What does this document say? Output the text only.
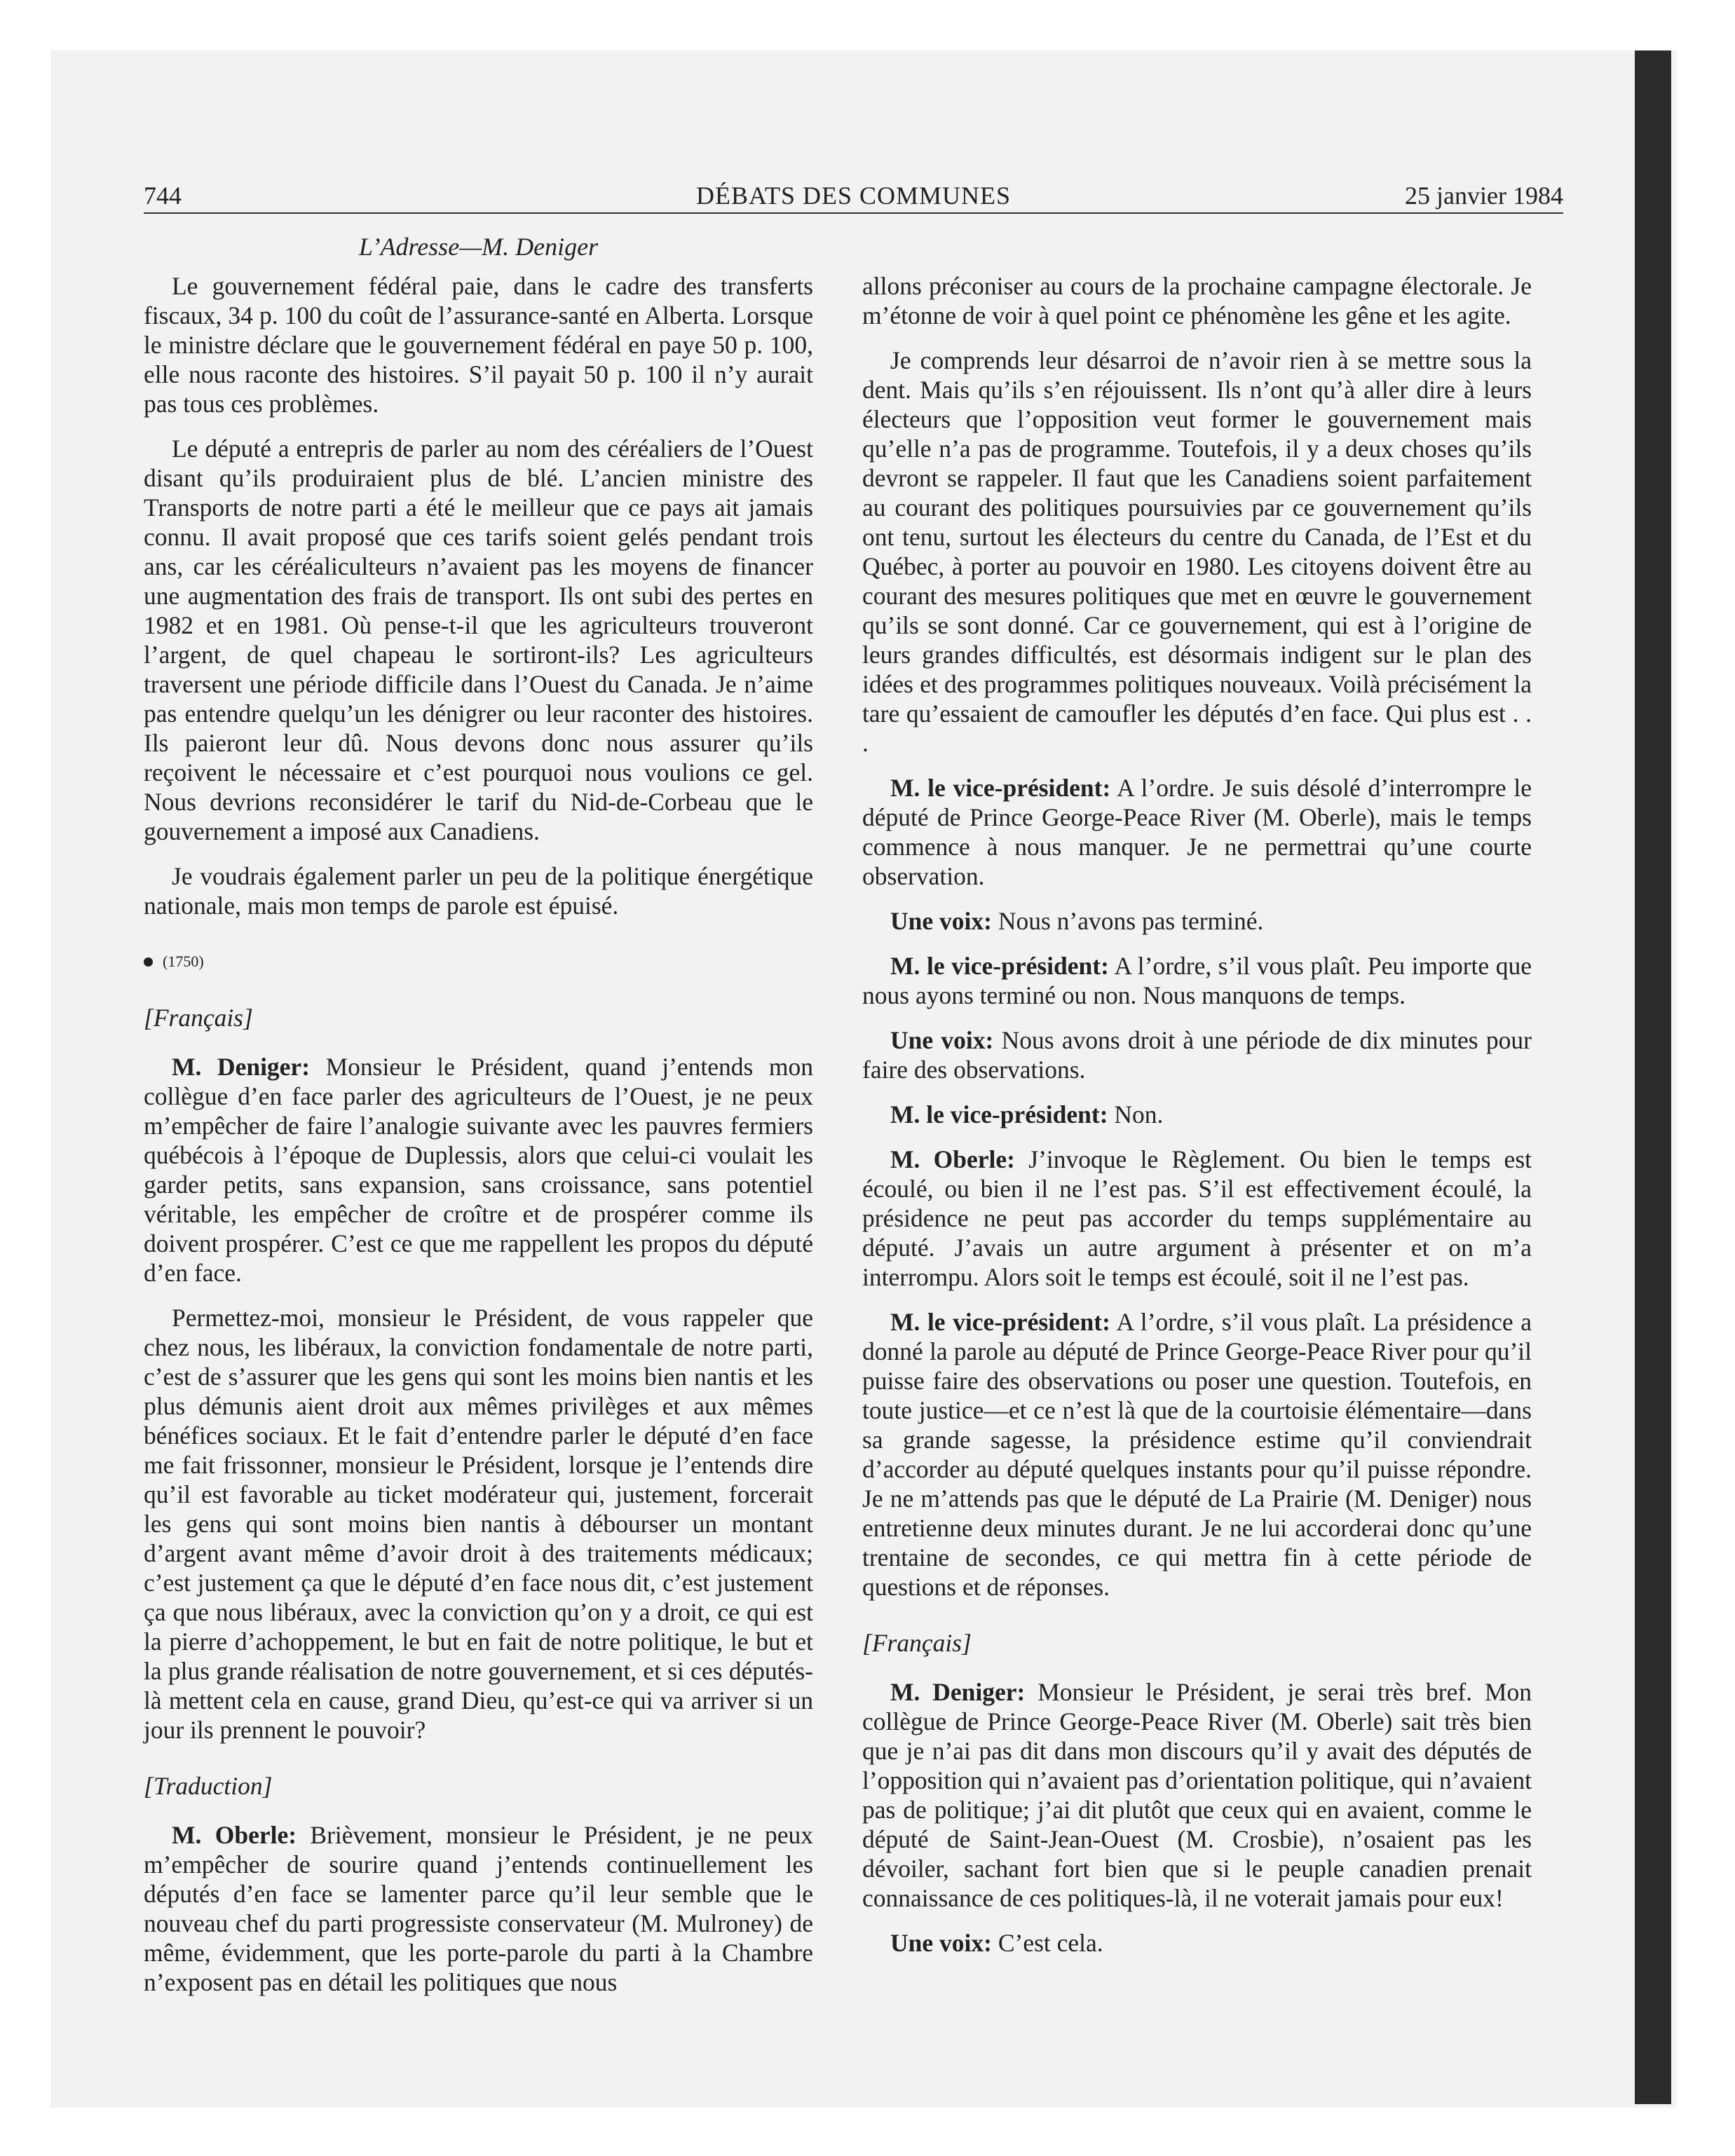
744	DÉBATS DES COMMUNES	25 janvier 1984
L’Adresse—M. Deniger

Le gouvernement fédéral paie, dans le cadre des transferts fiscaux, 34 p. 100 du coût de l’assurance-santé en Alberta. Lorsque le ministre déclare que le gouvernement fédéral en paye 50 p. 100, elle nous raconte des histoires. S’il payait 50 p. 100 il n’y aurait pas tous ces problèmes.

Le député a entrepris de parler au nom des céréaliers de l’Ouest disant qu’ils produiraient plus de blé. L’ancien ministre des Transports de notre parti a été le meilleur que ce pays ait jamais connu. Il avait proposé que ces tarifs soient gelés pendant trois ans, car les céréaliculteurs n’avaient pas les moyens de financer une augmentation des frais de transport. Ils ont subi des pertes en 1982 et en 1981. Où pense-t-il que les agriculteurs trouveront l’argent, de quel chapeau le sortiront-ils? Les agriculteurs traversent une période difficile dans l’Ouest du Canada. Je n’aime pas entendre quelqu’un les dénigrer ou leur raconter des histoires. Ils paieront leur dû. Nous devons donc nous assurer qu’ils reçoivent le nécessaire et c’est pourquoi nous voulions ce gel. Nous devrions reconsidérer le tarif du Nid-de-Corbeau que le gouvernement a imposé aux Canadiens.

Je voudrais également parler un peu de la politique énergétique nationale, mais mon temps de parole est épuisé.

(1750)

[Français]

M. Deniger: Monsieur le Président, quand j’entends mon collègue d’en face parler des agriculteurs de l’Ouest, je ne peux m’empêcher de faire l’analogie suivante avec les pauvres fermiers québécois à l’époque de Duplessis, alors que celui-ci voulait les garder petits, sans expansion, sans croissance, sans potentiel véritable, les empêcher de croître et de prospérer comme ils doivent prospérer. C’est ce que me rappellent les propos du député d’en face.

Permettez-moi, monsieur le Président, de vous rappeler que chez nous, les libéraux, la conviction fondamentale de notre parti, c’est de s’assurer que les gens qui sont les moins bien nantis et les plus démunis aient droit aux mêmes privilèges et aux mêmes bénéfices sociaux. Et le fait d’entendre parler le député d’en face me fait frissonner, monsieur le Président, lorsque je l’entends dire qu’il est favorable au ticket modérateur qui, justement, forcerait les gens qui sont moins bien nantis à débourser un montant d’argent avant même d’avoir droit à des traitements médicaux; c’est justement ça que le député d’en face nous dit, c’est justement ça que nous libéraux, avec la conviction qu’on y a droit, ce qui est la pierre d’achoppement, le but en fait de notre politique, le but et la plus grande réalisation de notre gouvernement, et si ces députés-là mettent cela en cause, grand Dieu, qu’est-ce qui va arriver si un jour ils prennent le pouvoir?

[Traduction]

M. Oberle: Brièvement, monsieur le Président, je ne peux m’empêcher de sourire quand j’entends continuellement les députés d’en face se lamenter parce qu’il leur semble que le nouveau chef du parti progressiste conservateur (M. Mulroney) de même, évidemment, que les porte-parole du parti à la Chambre n’exposent pas en détail les politiques que nous

allons préconiser au cours de la prochaine campagne électorale. Je m’étonne de voir à quel point ce phénomène les gêne et les agite.

Je comprends leur désarroi de n’avoir rien à se mettre sous la dent. Mais qu’ils s’en réjouissent. Ils n’ont qu’à aller dire à leurs électeurs que l’opposition veut former le gouvernement mais qu’elle n’a pas de programme. Toutefois, il y a deux choses qu’ils devront se rappeler. Il faut que les Canadiens soient parfaitement au courant des politiques poursuivies par ce gouvernement qu’ils ont tenu, surtout les électeurs du centre du Canada, de l’Est et du Québec, à porter au pouvoir en 1980. Les citoyens doivent être au courant des mesures politiques que met en œuvre le gouvernement qu’ils se sont donné. Car ce gouvernement, qui est à l’origine de leurs grandes difficultés, est désormais indigent sur le plan des idées et des programmes politiques nouveaux. Voilà précisément la tare qu’essaient de camoufler les députés d’en face. Qui plus est . . .

M. le vice-président: A l’ordre. Je suis désolé d’interrompre le député de Prince George-Peace River (M. Oberle), mais le temps commence à nous manquer. Je ne permettrai qu’une courte observation.

Une voix: Nous n’avons pas terminé.

M. le vice-président: A l’ordre, s’il vous plaît. Peu importe que nous ayons terminé ou non. Nous manquons de temps.

Une voix: Nous avons droit à une période de dix minutes pour faire des observations.

M. le vice-président: Non.

M. Oberle: J’invoque le Règlement. Ou bien le temps est écoulé, ou bien il ne l’est pas. S’il est effectivement écoulé, la présidence ne peut pas accorder du temps supplémentaire au député. J’avais un autre argument à présenter et on m’a interrompu. Alors soit le temps est écoulé, soit il ne l’est pas.

M. le vice-président: A l’ordre, s’il vous plaît. La présidence a donné la parole au député de Prince George-Peace River pour qu’il puisse faire des observations ou poser une question. Toutefois, en toute justice—et ce n’est là que de la courtoisie élémentaire—dans sa grande sagesse, la présidence estime qu’il conviendrait d’accorder au député quelques instants pour qu’il puisse répondre. Je ne m’attends pas que le député de La Prairie (M. Deniger) nous entretienne deux minutes durant. Je ne lui accorderai donc qu’une trentaine de secondes, ce qui mettra fin à cette période de questions et de réponses.

[Français]

M. Deniger: Monsieur le Président, je serai très bref. Mon collègue de Prince George-Peace River (M. Oberle) sait très bien que je n’ai pas dit dans mon discours qu’il y avait des députés de l’opposition qui n’avaient pas d’orientation politique, qui n’avaient pas de politique; j’ai dit plutôt que ceux qui en avaient, comme le député de Saint-Jean-Ouest (M. Crosbie), n’osaient pas les dévoiler, sachant fort bien que si le peuple canadien prenait connaissance de ces politiques-là, il ne voterait jamais pour eux!

Une voix: C’est cela.
